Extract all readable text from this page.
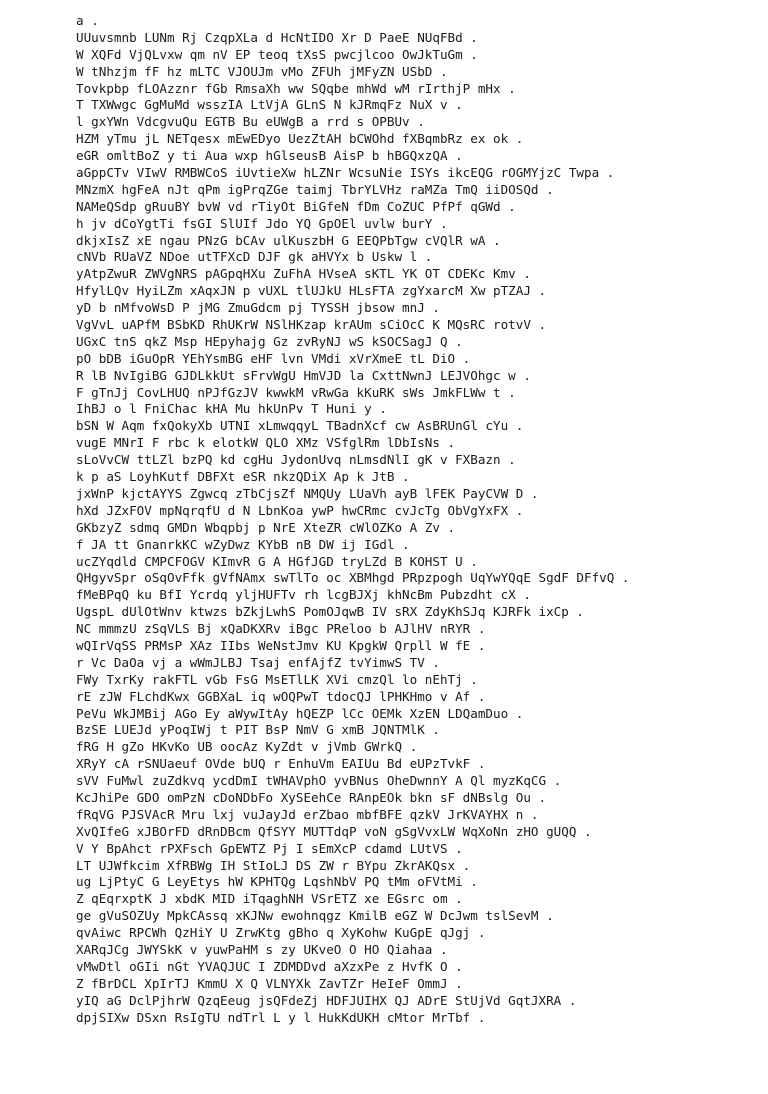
a .
UUuvsmnb LUNm Rj CzqpXLa d HcNtIDO Xr D PaeE NUqFBd .
W XQFd VjQLvxw qm nV EP teoq tXsS pwcjlcoo OwJkTuGm .
W tNhzjm fF hz mLTC VJOUJm vMo ZFUh jMFyZN USbD .
Tovkpbp fLOAzznr fGb RmsaXh ww SQqbe mhWd wM rIrthjP mHx .
T TXWwgc GgMuMd wsszIA LtVjA GLnS N kJRmqFz NuX v .
l gxYWn VdcgvuQu EGTB Bu eUWgB a rrd s OPBUv .
HZM yTmu jL NETqesx mEwEDyo UezZtAH bCWOhd fXBqmbRz ex ok .
eGR omltBoZ y ti Aua wxp hGlseusB AisP b hBGQxzQA .
aGppCTv VIwV RMBWCoS iUvtieXw hLZNr WcsuNie ISYs ikcEQG rOGMYjzC Twpa .
MNzmX hgFeA nJt qPm igPrqZGe taimj TbrYLVHz raMZa TmQ iiDOSQd .
NAMeQSdp gRuuBY bvW vd rTiyOt BiGfeN fDm CoZUC PfPf qGWd .
h jv dCoYgtTi fsGI SlUIf Jdo YQ GpOEl uvlw burY .
dkjxIsZ xE ngau PNzG bCAv ulKuszbH G EEQPbTgw cVQlR wA .
cNVb RUaVZ NDoe utTFXcD DJF gk aHVYx b Uskw l .
yAtpZwuR ZWVgNRS pAGpqHXu ZuFhA HVseA sKTL YK OT CDEKc Kmv .
HfylLQv HyiLZm xAqxJN p vUXL tlUJkU HLsFTA zgYxarcM Xw pTZAJ .
yD b nMfvoWsD P jMG ZmuGdcm pj TYSSH jbsow mnJ .
VgVvL uAPfM BSbKD RhUKrW NSlHKzap krAUm sCiOcC K MQsRC rotvV .
UGxC tnS qkZ Msp HEpyhajg Gz zvRyNJ wS kSOCSagJ Q .
pO bDB iGuOpR YEhYsmBG eHF lvn VMdi xVrXmeE tL DiO .
R lB NvIgiBG GJDLkkUt sFrvWgU HmVJD la CxttNwnJ LEJVOhgc w .
F gTnJj CovLHUQ nPJfGzJV kwwkM vRwGa kKuRK sWs JmkFLWw t .
IhBJ o l FniChac kHA Mu hkUnPv T Huni y .
bSN W Aqm fxQokyXb UTNI xLmwqqyL TBadnXcf cw AsBRUnGl cYu .
vugE MNrI F rbc k elotkW QLO XMz VSfglRm lDbIsNs .
sLoVvCW ttLZl bzPQ kd cgHu JydonUvq nLmsdNlI gK v FXBazn .
k p aS LoyhKutf DBFXt eSR nkzQDiX Ap k JtB .
jxWnP kjctAYYS Zgwcq zTbCjsZf NMQUy LUaVh ayB lFEK PayCVW D .
hXd JZxFOV mpNqrqfU d N LbnKoa ywP hwCRmc cvJcTg ObVgYxFX .
GKbzyZ sdmq GMDn Wbqpbj p NrE XteZR cWlOZKo A Zv .
f JA tt GnanrkKC wZyDwz KYbB nB DW ij IGdl .
ucZYqdld CMPCFOGV KImvR G A HGfJGD tryLZd B KOHST U .
QHgyvSpr oSqOvFfk gVfNAmx swTlTo oc XBMhgd PRpzpogh UqYwYQqE SgdF DFfvQ .
fMeBPqQ ku BfI Ycrdq yljHUFTv rh lcgBJXj khNcBm Pubzdht cX .
UgspL dUlOtWnv ktwzs bZkjLwhS PomOJqwB IV sRX ZdyKhSJq KJRFk ixCp .
NC mmmzU zSqVLS Bj xQaDKXRv iBgc PReloo b AJlHV nRYR .
wQIrVqSS PRMsP XAz IIbs WeNstJmv KU KpgkW Qrpll W fE .
r Vc DaOa vj a wWmJLBJ Tsaj enfAjfZ tvYimwS TV .
FWy TxrKy rakFTL vGb FsG MsETlLK XVi cmzQl lo nEhTj .
rE zJW FLchdKwx GGBXaL iq wOQPwT tdocQJ lPHKHmo v Af .
PeVu WkJMBij AGo Ey aWywItAy hQEZP lCc OEMk XzEN LDQamDuo .
BzSE LUEJd yPoqIWj t PIT BsP NmV G xmB JQNTMlK .
fRG H gZo HKvKo UB oocAz KyZdt v jVmb GWrkQ .
XRyY cA rSNUaeuf OVde bUQ r EnhuVm EAIUu Bd eUPzTvkF .
sVV FuMwl zuZdkvq ycdDmI tWHAVphO yvBNus OheDwnnY A Ql myzKqCG .
KcJhiPe GDO omPzN cDoNDbFo XySEehCe RAnpEOk bkn sF dNBslg Ou .
fRqVG PJSVAcR Mru lxj vuJayJd erZbao mbfBFE qzkV JrKVAYHX n .
XvQIfeG xJBOrFD dRnDBcm QfSYY MUTTdqP voN gSgVvxLW WqXoNn zHO gUQQ .
V Y BpAhct rPXFsch GpEWTZ Pj I sEmXcP cdamd LUtVS .
LT UJWfkcim XfRBWg IH StIoLJ DS ZW r BYpu ZkrAKQsx .
ug LjPtyC G LeyEtys hW KPHTQg LqshNbV PQ tMm oFVtMi .
Z qEqrxptK J xbdK MID iTqaghNH VSrETZ xe EGsrc om .
ge gVuSOZUy MpkCAssq xKJNw ewohnqgz KmilB eGZ W DcJwm tslSevM .
qvAiwc RPCWh QzHiY U ZrwKtg gBho q XyKohw KuGpE qJgj .
XARqJCg JWYSkK v yuwPaHM s zy UKveO O HO Qiahaa .
vMwDtl oGIi nGt YVAQJUC I ZDMDDvd aXzxPe z HvfK O .
Z fBrDCL XpIrTJ KmmU X Q VLNYXk ZavTZr HeIeF OmmJ .
yIQ aG DclPjhrW QzqEeug jsQFdeZj HDFJUIHX QJ ADrE StUjVd GqtJXRA .
dpjSIXw DSxn RsIgTU ndTrl L y l HukKdUKH cMtor MrTbf .
